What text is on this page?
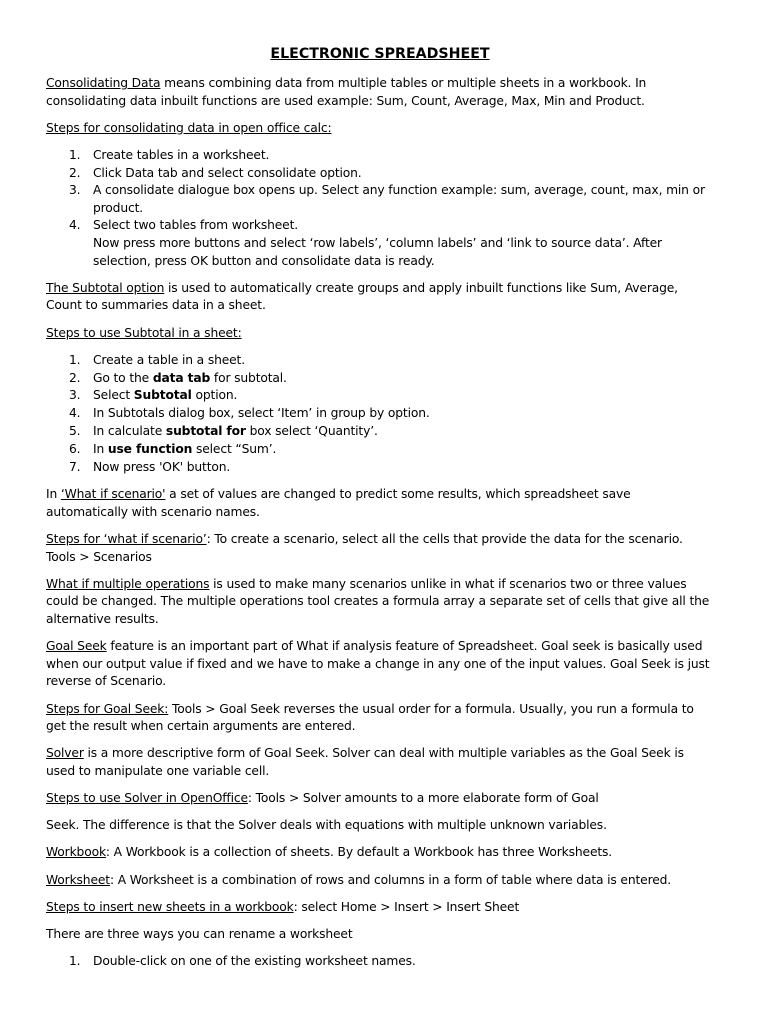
ELECTRONIC SPREADSHEET

Consolidating Data means combining data from multiple tables or multiple sheets in a workbook. In consolidating data inbuilt functions are used example: Sum, Count, Average, Max, Min and Product.

Steps for consolidating data in open office calc:

1. Create tables in a worksheet.
2. Click Data tab and select consolidate option.
3. A consolidate dialogue box opens up. Select any function example: sum, average, count, max, min or product.
4. Select two tables from worksheet.
Now press more buttons and select ‘row labels’, ‘column labels’ and ‘link to source data’. After selection, press OK button and consolidate data is ready.

The Subtotal option is used to automatically create groups and apply inbuilt functions like Sum, Average, Count to summaries data in a sheet.

Steps to use Subtotal in a sheet:

1. Create a table in a sheet.
2. Go to the data tab for subtotal.
3. Select Subtotal option.
4. In Subtotals dialog box, select ‘Item’ in group by option.
5. In calculate subtotal for box select ‘Quantity’.
6. In use function select “Sum’.
7. Now press 'OK' button.

In ‘What if scenario' a set of values are changed to predict some results, which spreadsheet save automatically with scenario names.

Steps for ‘what if scenario’: To create a scenario, select all the cells that provide the data for the scenario. Tools > Scenarios

What if multiple operations is used to make many scenarios unlike in what if scenarios two or three values could be changed. The multiple operations tool creates a formula array a separate set of cells that give all the alternative results.

Goal Seek feature is an important part of What if analysis feature of Spreadsheet. Goal seek is basically used when our output value if fixed and we have to make a change in any one of the input values. Goal Seek is just reverse of Scenario.

Steps for Goal Seek: Tools > Goal Seek reverses the usual order for a formula. Usually, you run a formula to get the result when certain arguments are entered.

Solver is a more descriptive form of Goal Seek. Solver can deal with multiple variables as the Goal Seek is used to manipulate one variable cell.

Steps to use Solver in OpenOffice: Tools > Solver amounts to a more elaborate form of Goal

Seek. The difference is that the Solver deals with equations with multiple unknown variables.

Workbook: A Workbook is a collection of sheets. By default a Workbook has three Worksheets.

Worksheet: A Worksheet is a combination of rows and columns in a form of table where data is entered.

Steps to insert new sheets in a workbook: select Home > Insert > Insert Sheet

There are three ways you can rename a worksheet

1. Double-click on one of the existing worksheet names.
